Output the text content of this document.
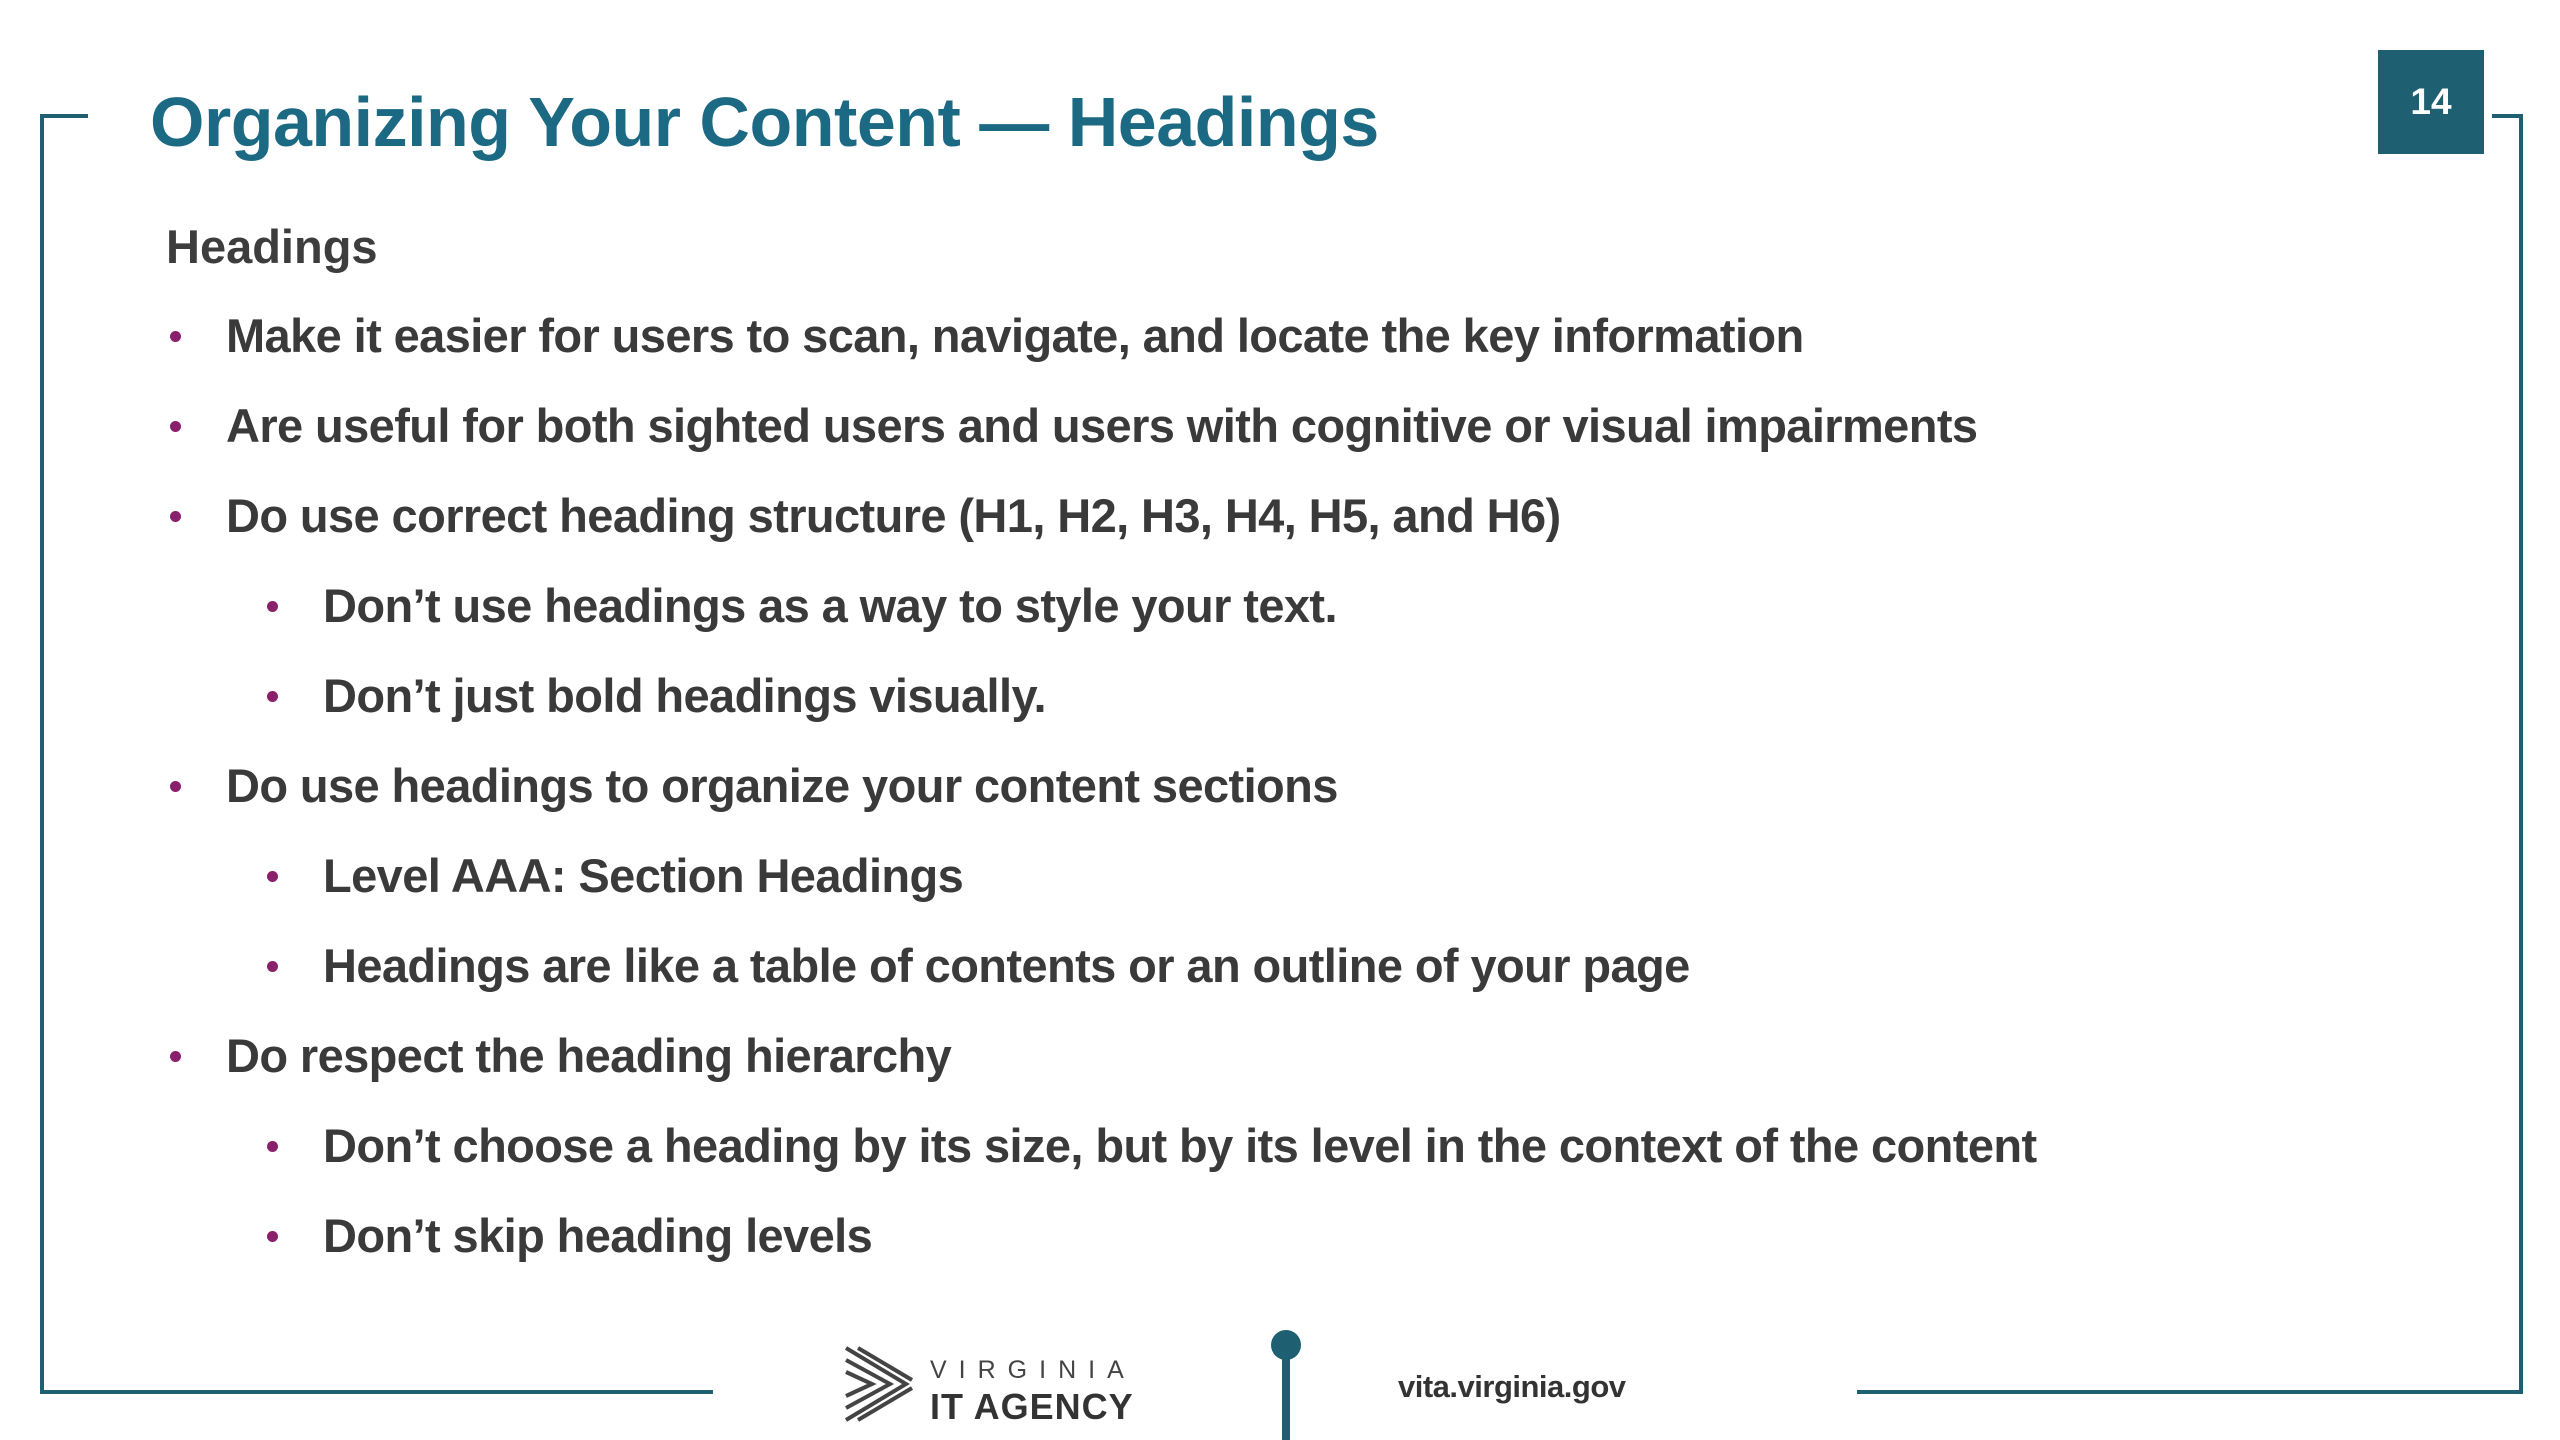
14
Organizing Your Content — Headings
Headings
Make it easier for users to scan, navigate, and locate the key information
Are useful for both sighted users and users with cognitive or visual impairments
Do use correct heading structure (H1, H2, H3, H4, H5, and H6)
Don’t use headings as a way to style your text.
Don’t just bold headings visually.
Do use headings to organize your content sections
Level AAA: Section Headings
Headings are like a table of contents or an outline of your page
Do respect the heading hierarchy
Don’t choose a heading by its size, but by its level in the context of the content
Don’t skip heading levels
VIRGINIA
IT AGENCY	vita.virginia.gov
